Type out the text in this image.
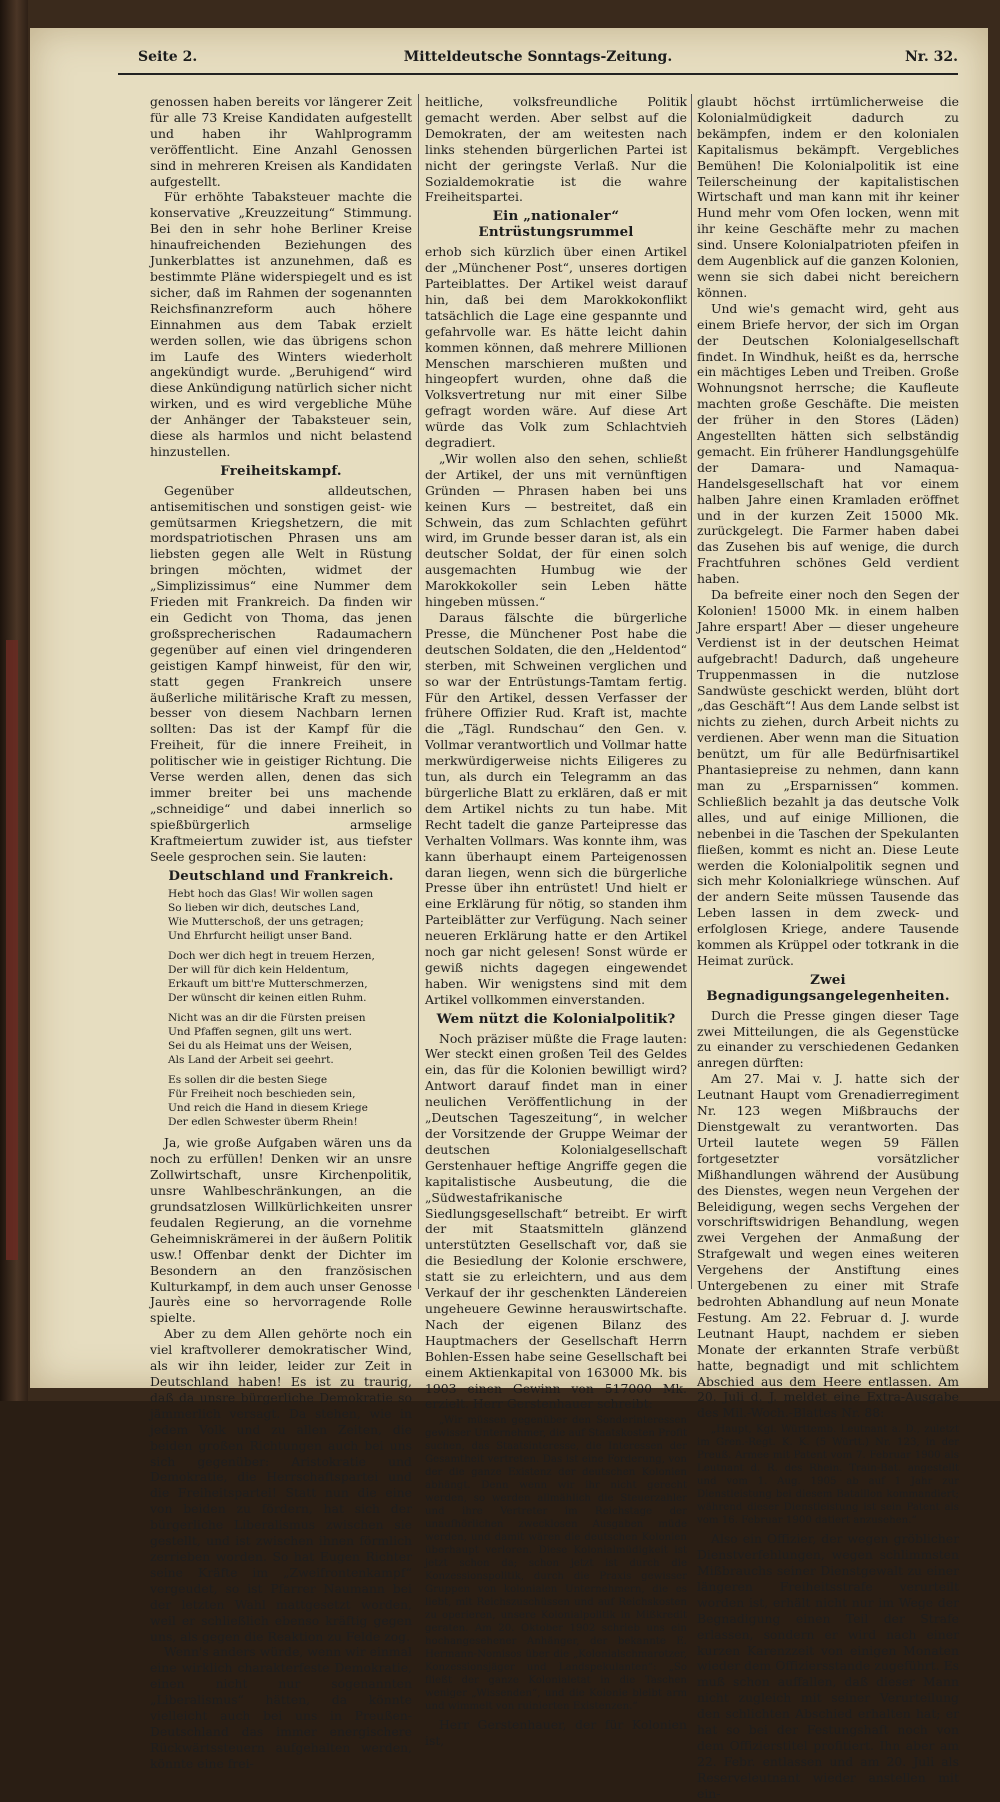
Seite 2.	Mitteldeutsche Sonntags-Zeitung.	Nr. 32.

genossen haben bereits vor längerer Zeit für alle 73 Kreise Kandidaten aufgestellt und haben ihr Wahlprogramm veröffentlicht. Eine Anzahl Genossen sind in mehreren Kreisen als Kandidaten aufgestellt.

Für erhöhte Tabaksteuer machte die konservative „Kreuzzeitung“ Stimmung. Bei den in sehr hohe Berliner Kreise hinaufreichenden Beziehungen des Junkerblattes ist anzunehmen, daß es bestimmte Pläne widerspiegelt und es ist sicher, daß im Rahmen der sogenannten Reichsfinanzreform auch höhere Einnahmen aus dem Tabak erzielt werden sollen, wie das übrigens schon im Laufe des Winters wiederholt angekündigt wurde. „Beruhigend“ wird diese Ankündigung natürlich sicher nicht wirken, und es wird vergebliche Mühe der Anhänger der Tabaksteuer sein, diese als harmlos und nicht belastend hinzustellen.

Freiheitskampf.

Gegenüber alldeutschen, antisemitischen und sonstigen geist- wie gemütsarmen Kriegshetzern, die mit mordspatriotischen Phrasen uns am liebsten gegen alle Welt in Rüstung bringen möchten, widmet der „Simplizissimus“ eine Nummer dem Frieden mit Frankreich. Da finden wir ein Gedicht von Thoma, das jenen großsprecherischen Radaumachern gegenüber auf einen viel dringenderen geistigen Kampf hinweist, für den wir, statt gegen Frankreich unsere äußerliche militärische Kraft zu messen, besser von diesem Nachbarn lernen sollten: Das ist der Kampf für die Freiheit, für die innere Freiheit, in politischer wie in geistiger Richtung. Die Verse werden allen, denen das sich immer breiter bei uns machende „schneidige“ und dabei innerlich so spießbürgerlich armselige Kraftmeiertum zuwider ist, aus tiefster Seele gesprochen sein. Sie lauten:

Deutschland und Frankreich.
Hebt hoch das Glas! Wir wollen sagen
So lieben wir dich, deutsches Land,
Wie Mutterschoß, der uns getragen;
Und Ehrfurcht heiligt unser Band.
Doch wer dich hegt in treuem Herzen,
Der will für dich kein Heldentum,
Erkauft um bitt're Mutterschmerzen,
Der wünscht dir keinen eitlen Ruhm.
Nicht was an dir die Fürsten preisen
Und Pfaffen segnen, gilt uns wert.
Sei du als Heimat uns der Weisen,
Als Land der Arbeit sei geehrt.
Es sollen dir die besten Siege
Für Freiheit noch beschieden sein,
Und reich die Hand in diesem Kriege
Der edlen Schwester überm Rhein!

Ja, wie große Aufgaben wären uns da noch zu erfüllen! Denken wir an unsre Zollwirtschaft, unsre Kirchenpolitik, unsre Wahlbeschränkungen, an die grundsatzlosen Willkürlichkeiten unsrer feudalen Regierung, an die vornehme Geheimniskrämerei in der äußern Politik usw.! Offenbar denkt der Dichter im Besondern an den französischen Kulturkampf, in dem auch unser Genosse Jaurès eine so hervorragende Rolle spielte.

Aber zu dem Allen gehörte noch ein viel kraftvollerer demokratischer Wind, als wir ihn leider, leider zur Zeit in Deutschland haben! Es ist zu traurig, daß da unsre bürgerliche Demokratie so jämmerlich versagt. Da stehen, wie in jedem Volk und zu allen Zeiten, die beiden großen Richtungen auch bei uns sich gegenüber: Aristokratie und Demokratie, die Herrschaftspartei und die Freiheitspartei! Statt nun die eine von beiden zu fördern, hat sich der bürgerliche Liberalismus zwischen sie gestellt, und ist zwischen ihnen förmlich zerrieben worden. So hat Eugen Richter seine Kräfte im „Zweifrontenkampf“ vergeudet, so ist Pfarrer Naumann bei der letzten Wahl mattgesetzt worden, weil er schließlich ebenso kräftig gegen uns, als gegen die Reaktion zu Felde zog.

Wenn's anders würde, wenn wir einmal eine wirklich charakterfeste Demokratie, einen nicht nur sogenannten „Liberalismus“ hätten, da könnte vielleicht auch bei uns in Preußen-Deutschland das immer energischere Rückwärtssteuern aufgehalten werden, könnte eine frei-

heitliche, volksfreundliche Politik gemacht werden. Aber selbst auf die Demokraten, der am weitesten nach links stehenden bürgerlichen Partei ist nicht der geringste Verlaß. Nur die Sozialdemokratie ist die wahre Freiheitspartei.

Ein „nationaler“ Entrüstungsrummel

erhob sich kürzlich über einen Artikel der „Münchener Post“, unseres dortigen Parteiblattes. Der Artikel weist darauf hin, daß bei dem Marokkokonflikt tatsächlich die Lage eine gespannte und gefahrvolle war. Es hätte leicht dahin kommen können, daß mehrere Millionen Menschen marschieren mußten und hingeopfert wurden, ohne daß die Volksvertretung nur mit einer Silbe gefragt worden wäre. Auf diese Art würde das Volk zum Schlachtvieh degradiert.

„Wir wollen also den sehen, schließt der Artikel, der uns mit vernünftigen Gründen — Phrasen haben bei uns keinen Kurs — bestreitet, daß ein Schwein, das zum Schlachten geführt wird, im Grunde besser daran ist, als ein deutscher Soldat, der für einen solch ausgemachten Humbug wie der Marokkokoller sein Leben hätte hingeben müssen.“

Daraus fälschte die bürgerliche Presse, die Münchener Post habe die deutschen Soldaten, die den „Heldentod“ sterben, mit Schweinen verglichen und so war der Entrüstungs-Tamtam fertig. Für den Artikel, dessen Verfasser der frühere Offizier Rud. Kraft ist, machte die „Tägl. Rundschau“ den Gen. v. Vollmar verantwortlich und Vollmar hatte merkwürdigerweise nichts Eiligeres zu tun, als durch ein Telegramm an das bürgerliche Blatt zu erklären, daß er mit dem Artikel nichts zu tun habe. Mit Recht tadelt die ganze Parteipresse das Verhalten Vollmars. Was konnte ihm, was kann überhaupt einem Parteigenossen daran liegen, wenn sich die bürgerliche Presse über ihn entrüstet! Und hielt er eine Erklärung für nötig, so standen ihm Parteiblätter zur Verfügung. Nach seiner neueren Erklärung hatte er den Artikel noch gar nicht gelesen! Sonst würde er gewiß nichts dagegen eingewendet haben. Wir wenigstens sind mit dem Artikel vollkommen einverstanden.

Wem nützt die Kolonialpolitik?

Noch präziser müßte die Frage lauten: Wer steckt einen großen Teil des Geldes ein, das für die Kolonien bewilligt wird? Antwort darauf findet man in einer neulichen Veröffentlichung in der „Deutschen Tageszeitung“, in welcher der Vorsitzende der Gruppe Weimar der deutschen Kolonialgesellschaft Gerstenhauer heftige Angriffe gegen die kapitalistische Ausbeutung, die die „Südwestafrikanische Siedlungsgesellschaft“ betreibt. Er wirft der mit Staatsmitteln glänzend unterstützten Gesellschaft vor, daß sie die Besiedlung der Kolonie erschwere, statt sie zu erleichtern, und aus dem Verkauf der ihr geschenkten Ländereien ungeheuere Gewinne herauswirtschafte. Nach der eigenen Bilanz des Hauptmachers der Gesellschaft Herrn Bohlen-Essen habe seine Gesellschaft bei einem Aktienkapital von 163000 Mk. bis 1903 einen Gewinn von 517000 Mk. erzielt. Herr Gerstenhauer schreibt:

„Wir müssen gegenüber den Sonderinteressen gewisser Unternehmer, die auf Staatskosten Profit suchen, das Staatsinteresse, die Interessen der Gesamtheit vertreten. Das ist eine Forderung, von der die ganze Existenz der deutschen Kolonien abhängt. Denn wenn wir ihr nicht gerecht werden, so werden allmählich die Steuerzahler und ihre Vertreter im Reichstage der unaufhörlichen zwecklosen Ausgaben müde werden, und damit wären die deutschen Kolonien überhaupt verloren. Diese Kolonialmüdigkeit ist jetzt schon da; schon jetzt ist durch die Konzessionspolitik, durch die Praxis gewisser Gruppen von kolonialen Unternehmern, die es liebt, mit Reichszuschüssen und auf Reichskosten zu operieren, unsere Kolonialpolitik in Mißkredit geraten. Am 20. Oktober 1902 schrieb uns ein hochangesehener Anhänger, der bekannte E. Hermann-Nomisos über die „Kolonialschmarotzer, Konzessionsjäger und Landspekulanten“: „So fließt der ganze Kolonialetat in die Taschen weniger „Wissenden“, und die Kolonie bleibt arm und wimmelt von ruinierten Existenzen.“

Herr Gerstenhauer, der für Kolonien ist,

glaubt höchst irrtümlicherweise die Kolonialmüdigkeit dadurch zu bekämpfen, indem er den kolonialen Kapitalismus bekämpft. Vergebliches Bemühen! Die Kolonialpolitik ist eine Teilerscheinung der kapitalistischen Wirtschaft und man kann mit ihr keiner Hund mehr vom Ofen locken, wenn mit ihr keine Geschäfte mehr zu machen sind. Unsere Kolonialpatrioten pfeifen in dem Augenblick auf die ganzen Kolonien, wenn sie sich dabei nicht bereichern können.

Und wie's gemacht wird, geht aus einem Briefe hervor, der sich im Organ der Deutschen Kolonialgesellschaft findet. In Windhuk, heißt es da, herrsche ein mächtiges Leben und Treiben. Große Wohnungsnot herrsche; die Kaufleute machten große Geschäfte. Die meisten der früher in den Stores (Läden) Angestellten hätten sich selbständig gemacht. Ein früherer Handlungsgehülfe der Damara- und Namaqua-Handelsgesellschaft hat vor einem halben Jahre einen Kramladen eröffnet und in der kurzen Zeit 15000 Mk. zurückgelegt. Die Farmer haben dabei das Zusehen bis auf wenige, die durch Frachtfuhren schönes Geld verdient haben.

Da befreite einer noch den Segen der Kolonien! 15000 Mk. in einem halben Jahre erspart! Aber — dieser ungeheure Verdienst ist in der deutschen Heimat aufgebracht! Dadurch, daß ungeheure Truppenmassen in die nutzlose Sandwüste geschickt werden, blüht dort „das Geschäft“! Aus dem Lande selbst ist nichts zu ziehen, durch Arbeit nichts zu verdienen. Aber wenn man die Situation benützt, um für alle Bedürfnisartikel Phantasiepreise zu nehmen, dann kann man zu „Ersparnissen“ kommen. Schließlich bezahlt ja das deutsche Volk alles, und auf einige Millionen, die nebenbei in die Taschen der Spekulanten fließen, kommt es nicht an. Diese Leute werden die Kolonialpolitik segnen und sich mehr Kolonialkriege wünschen. Auf der andern Seite müssen Tausende das Leben lassen in dem zweck- und erfolglosen Kriege, andere Tausende kommen als Krüppel oder totkrank in die Heimat zurück.

Zwei Begnadigungsangelegenheiten.

Durch die Presse gingen dieser Tage zwei Mitteilungen, die als Gegenstücke zu einander zu verschiedenen Gedanken anregen dürften:

Am 27. Mai v. J. hatte sich der Leutnant Haupt vom Grenadierregiment Nr. 123 wegen Mißbrauchs der Dienstgewalt zu verantworten. Das Urteil lautete wegen 59 Fällen fortgesetzter vorsätzlicher Mißhandlungen während der Ausübung des Dienstes, wegen neun Vergehen der Beleidigung, wegen sechs Vergehen der vorschriftswidrigen Behandlung, wegen zwei Vergehen der Anmaßung der Strafgewalt und wegen eines weiteren Vergehens der Anstiftung eines Untergebenen zu einer mit Strafe bedrohten Abhandlung auf neun Monate Festung. Am 22. Februar d. J. wurde Leutnant Haupt, nachdem er sieben Monate der erkannten Strafe verbüßt hatte, begnadigt und mit schlichtem Abschied aus dem Heere entlassen. Am 20. Juli d. J. meldet eine Extra-Ausgabe des Mil.-Woch.-Blattes Nr. 88:

„Haupt, Kgl. Württemb. Leutnant a. D., zuletzt im Gren.-Regt. K. K. (5 Württ.) Nr. 123, in der Preuß. Armee mit Patent vom 7. Februar 1900 als Leutnant d. R. des Rhein. Train-Bat. angestellt und vom 1. Aug. 1905 ab auf 1 Jahr zur Dienstleistung bei diesem Bataillon kommandiert; während dieser Dienstleistung ist sein Patent als vom 16. Februar 1900 datiert anzusehen.“

Also ein Offizier, der wegen gröblicher Dienstverfehlungen, wegen schlimmsten Mißbrauchs seiner Dienstgewalt zu einer längeren Freiheitsstrafe verurteilt worden ist, erhält nicht nur im Wege der Begnadigung einen Teil der Strafe erlassen, sondern er wird nach einer kurzen Karenzzeit von einigen Monaten wieder dem Offiziersstande zugeführt. Es muß schon auffallen, daß dieser Mann nicht zugleich mit seiner Verurteilung den schlichten Abschied erhalten hat; er hat so bei der Festungshaft noch von dem Offizierstitel profitiert. Ihn aber am 22. Febr. entlassen und am 20. Juli als Reserveleutnant wieder anstellen mit ein-
